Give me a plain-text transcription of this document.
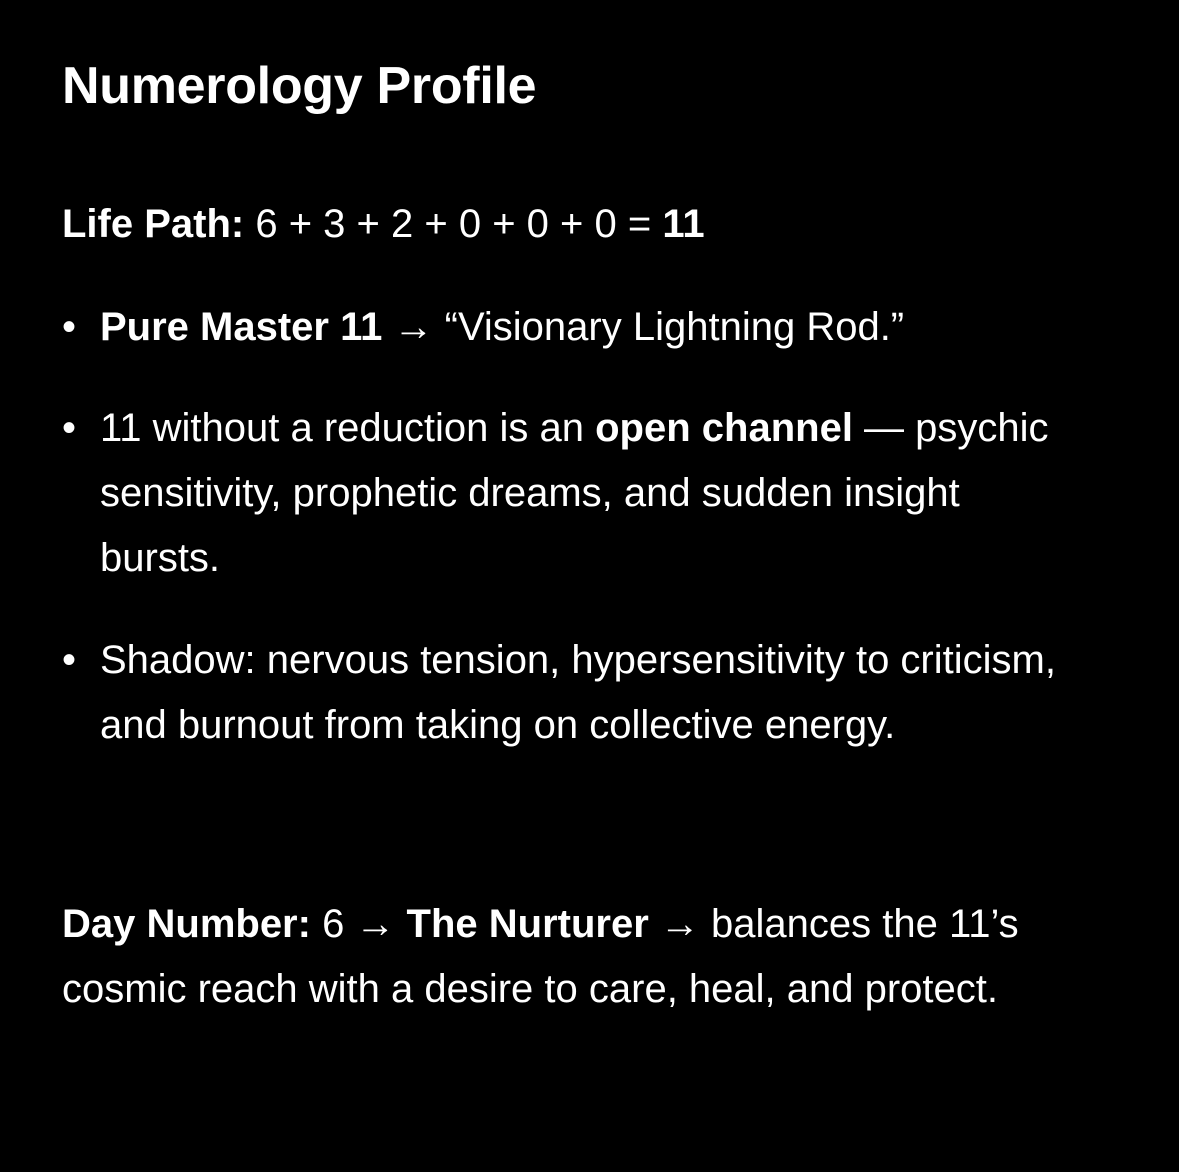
Numerology Profile

Life Path: 6 + 3 + 2 + 0 + 0 + 0 = 11

• Pure Master 11 → “Visionary Lightning Rod.”

• 11 without a reduction is an open channel — psychic sensitivity, prophetic dreams, and sudden insight bursts.

• Shadow: nervous tension, hypersensitivity to criticism, and burnout from taking on collective energy.

Day Number: 6 → The Nurturer → balances the 11’s cosmic reach with a desire to care, heal, and protect.
